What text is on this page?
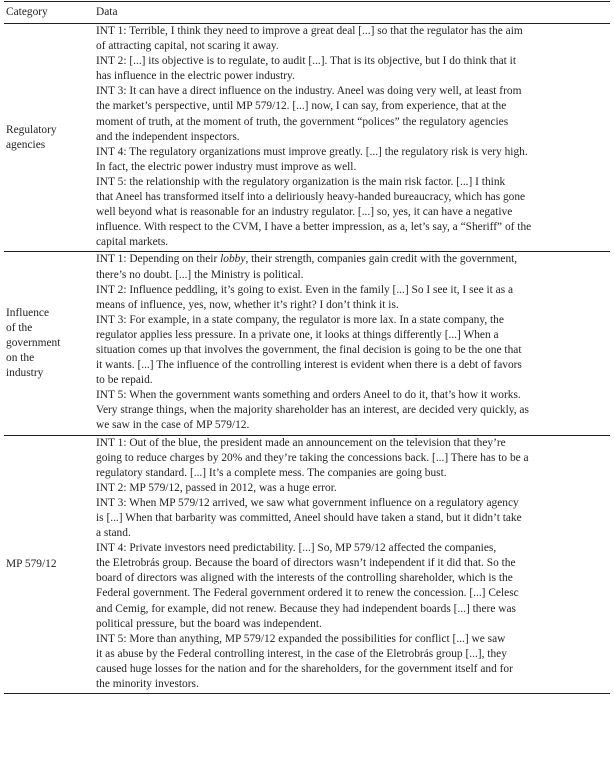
Category	Data
Regulatory
agencies
INT 1: Terrible, I think they need to improve a great deal [...] so that the regulator has the aim
of attracting capital, not scaring it away.
INT 2: [...] its objective is to regulate, to audit [...]. That is its objective, but I do think that it
has influence in the electric power industry.
INT 3: It can have a direct influence on the industry. Aneel was doing very well, at least from
the market’s perspective, until MP 579/12. [...] now, I can say, from experience, that at the
moment of truth, at the moment of truth, the government “polices” the regulatory agencies
and the independent inspectors.
INT 4: The regulatory organizations must improve greatly. [...] the regulatory risk is very high.
In fact, the electric power industry must improve as well.
INT 5: the relationship with the regulatory organization is the main risk factor. [...] I think
that Aneel has transformed itself into a deliriously heavy-handed bureaucracy, which has gone
well beyond what is reasonable for an industry regulator. [...] so, yes, it can have a negative
influence. With respect to the CVM, I have a better impression, as a, let’s say, a “Sheriff” of the
capital markets.
Influence
of the
government
on the
industry
INT 1: Depending on their lobby, their strength, companies gain credit with the government,
there’s no doubt. [...] the Ministry is political.
INT 2: Influence peddling, it’s going to exist. Even in the family [...] So I see it, I see it as a
means of influence, yes, now, whether it’s right? I don’t think it is.
INT 3: For example, in a state company, the regulator is more lax. In a state company, the
regulator applies less pressure. In a private one, it looks at things differently [...] When a
situation comes up that involves the government, the final decision is going to be the one that
it wants. [...] The influence of the controlling interest is evident when there is a debt of favors
to be repaid.
INT 5: When the government wants something and orders Aneel to do it, that’s how it works.
Very strange things, when the majority shareholder has an interest, are decided very quickly, as
we saw in the case of MP 579/12.
MP 579/12
INT 1: Out of the blue, the president made an announcement on the television that they’re
going to reduce charges by 20% and they’re taking the concessions back. [...] There has to be a
regulatory standard. [...] It’s a complete mess. The companies are going bust.
INT 2: MP 579/12, passed in 2012, was a huge error.
INT 3: When MP 579/12 arrived, we saw what government influence on a regulatory agency
is [...] When that barbarity was committed, Aneel should have taken a stand, but it didn’t take
a stand.
INT 4: Private investors need predictability. [...] So, MP 579/12 affected the companies,
the Eletrobrás group. Because the board of directors wasn’t independent if it did that. So the
board of directors was aligned with the interests of the controlling shareholder, which is the
Federal government. The Federal government ordered it to renew the concession. [...] Celesc
and Cemig, for example, did not renew. Because they had independent boards [...] there was
political pressure, but the board was independent.
INT 5: More than anything, MP 579/12 expanded the possibilities for conflict [...] we saw
it as abuse by the Federal controlling interest, in the case of the Eletrobrás group [...], they
caused huge losses for the nation and for the shareholders, for the government itself and for
the minority investors.
